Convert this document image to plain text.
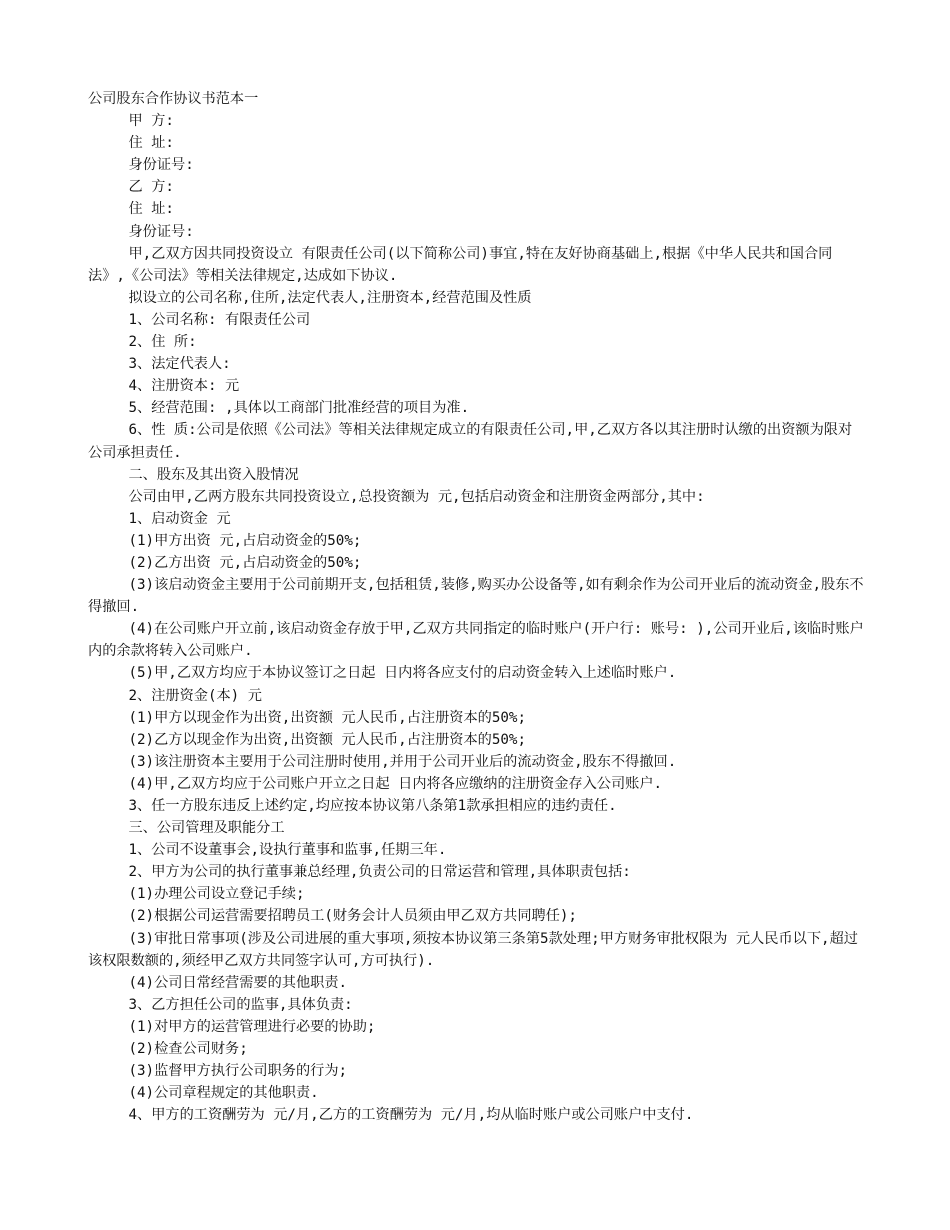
公司股东合作协议书范本一

甲 方:

住 址:

身份证号:

乙 方:

住 址:

身份证号:

甲,乙双方因共同投资设立 有限责任公司(以下简称公司)事宜,特在友好协商基础上,根据《中华人民共和国合同法》,《公司法》等相关法律规定,达成如下协议.

拟设立的公司名称,住所,法定代表人,注册资本,经营范围及性质

1、公司名称: 有限责任公司

2、住 所:

3、法定代表人:

4、注册资本: 元

5、经营范围: ,具体以工商部门批准经营的项目为准.

6、性 质:公司是依照《公司法》等相关法律规定成立的有限责任公司,甲,乙双方各以其注册时认缴的出资额为限对公司承担责任.

二、股东及其出资入股情况

公司由甲,乙两方股东共同投资设立,总投资额为 元,包括启动资金和注册资金两部分,其中:

1、启动资金 元

(1)甲方出资 元,占启动资金的50%;

(2)乙方出资 元,占启动资金的50%;

(3)该启动资金主要用于公司前期开支,包括租赁,装修,购买办公设备等,如有剩余作为公司开业后的流动资金,股东不得撤回.

(4)在公司账户开立前,该启动资金存放于甲,乙双方共同指定的临时账户(开户行: 账号: ),公司开业后,该临时账户内的余款将转入公司账户.

(5)甲,乙双方均应于本协议签订之日起 日内将各应支付的启动资金转入上述临时账户.

2、注册资金(本) 元

(1)甲方以现金作为出资,出资额 元人民币,占注册资本的50%;

(2)乙方以现金作为出资,出资额 元人民币,占注册资本的50%;

(3)该注册资本主要用于公司注册时使用,并用于公司开业后的流动资金,股东不得撤回.

(4)甲,乙双方均应于公司账户开立之日起 日内将各应缴纳的注册资金存入公司账户.

3、任一方股东违反上述约定,均应按本协议第八条第1款承担相应的违约责任.

三、公司管理及职能分工

1、公司不设董事会,设执行董事和监事,任期三年.

2、甲方为公司的执行董事兼总经理,负责公司的日常运营和管理,具体职责包括:

(1)办理公司设立登记手续;

(2)根据公司运营需要招聘员工(财务会计人员须由甲乙双方共同聘任);

(3)审批日常事项(涉及公司进展的重大事项,须按本协议第三条第5款处理;甲方财务审批权限为 元人民币以下,超过该权限数额的,须经甲乙双方共同签字认可,方可执行).

(4)公司日常经营需要的其他职责.

3、乙方担任公司的监事,具体负责:

(1)对甲方的运营管理进行必要的协助;

(2)检查公司财务;

(3)监督甲方执行公司职务的行为;

(4)公司章程规定的其他职责.

4、甲方的工资酬劳为 元/月,乙方的工资酬劳为 元/月,均从临时账户或公司账户中支付.
